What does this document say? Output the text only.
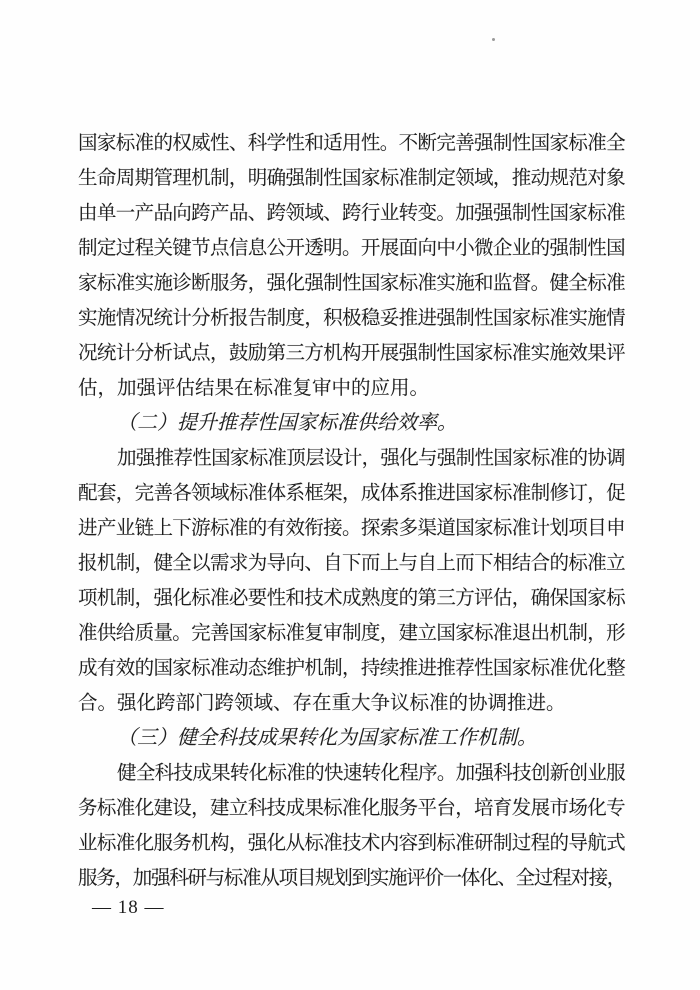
国 家 标 准 的 权 威 性 、 科 学 性 和 适 用 性 。 不 断 完 善 强 制 性 国 家 标 准 全
生 命 周 期 管 理 机 制 ， 明 确 强 制 性 国 家 标 准 制 定 领 域 ， 推 动 规 范 对 象
由 单 一 产 品 向 跨 产 品 、 跨 领 域 、 跨 行 业 转 变 。 加 强 强 制 性 国 家 标 准
制 定 过 程 关 键 节 点 信 息 公 开 透 明 。 开 展 面 向 中 小 微 企 业 的 强 制 性 国
家 标 准 实 施 诊 断 服 务 ， 强 化 强 制 性 国 家 标 准 实 施 和 监 督 。 健 全 标 准
实 施 情 况 统 计 分 析 报 告 制 度 ， 积 极 稳 妥 推 进 强 制 性 国 家 标 准 实 施 情
况 统 计 分 析 试 点 ， 鼓 励 第 三 方 机 构 开 展 强 制 性 国 家 标 准 实 施 效 果 评
估，加强评估结果在标准复审中的应用。
（二）提升推荐性国家标准供给效率。
加 强 推 荐 性 国 家 标 准 顶 层 设 计 ， 强 化 与 强 制 性 国 家 标 准 的 协 调
配 套 ， 完 善 各 领 域 标 准 体 系 框 架 ， 成 体 系 推 进 国 家 标 准 制 修 订 ， 促
进 产 业 链 上 下 游 标 准 的 有 效 衔 接 。 探 索 多 渠 道 国 家 标 准 计 划 项 目 申
报 机 制 ， 健 全 以 需 求 为 导 向 、 自 下 而 上 与 自 上 而 下 相 结 合 的 标 准 立
项 机 制 ， 强 化 标 准 必 要 性 和 技 术 成 熟 度 的 第 三 方 评 估 ， 确 保 国 家 标
准 供 给 质 量 。 完 善 国 家 标 准 复 审 制 度 ， 建 立 国 家 标 准 退 出 机 制 ， 形
成 有 效 的 国 家 标 准 动 态 维 护 机 制 ， 持 续 推 进 推 荐 性 国 家 标 准 优 化 整
合。强化跨部门跨领域、存在重大争议标准的协调推进。
（三）健全科技成果转化为国家标准工作机制。
健 全 科 技 成 果 转 化 标 准 的 快 速 转 化 程 序 。 加 强 科 技 创 新 创 业 服
务 标 准 化 建 设 ， 建 立 科 技 成 果 标 准 化 服 务 平 台 ， 培 育 发 展 市 场 化 专
业 标 准 化 服 务 机 构 ， 强 化 从 标 准 技 术 内 容 到 标 准 研 制 过 程 的 导 航 式
服
务
，
加
强
科
研
与
标
准
从
项
目
规
划
到
实
施
评
价
一
体
化
、
全
过
程
对
接
，
— 18 —
